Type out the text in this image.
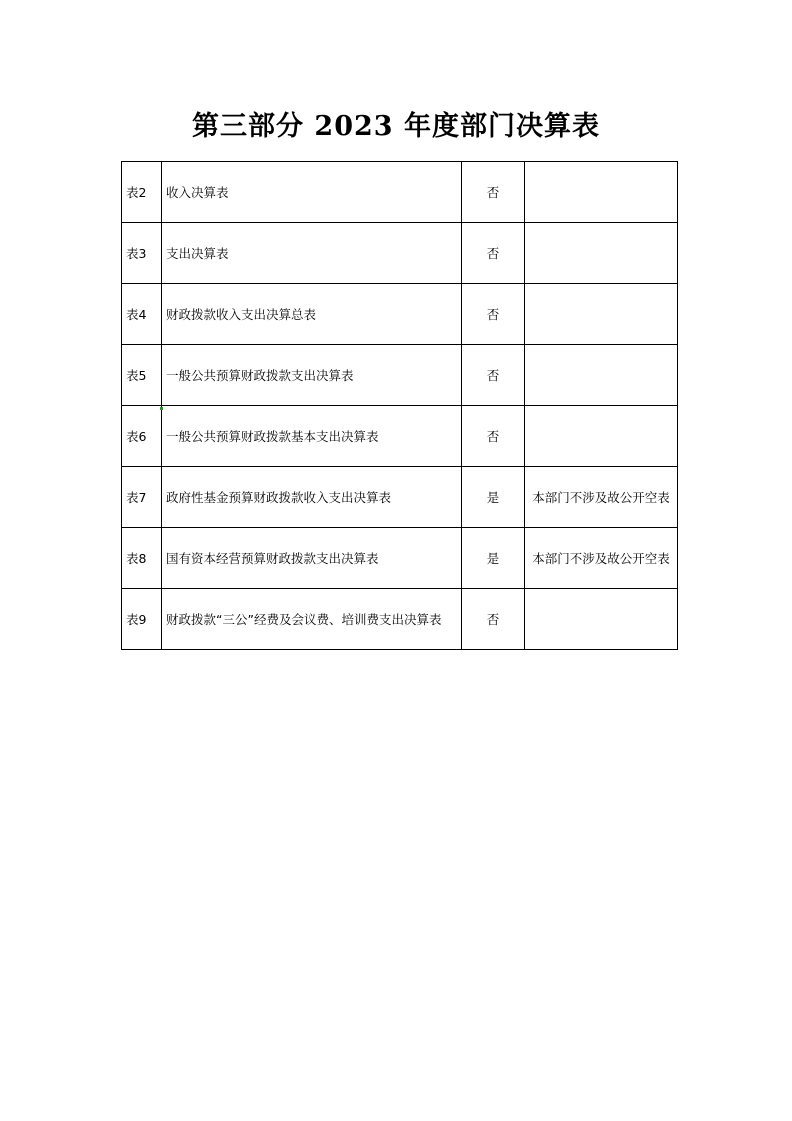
第三部分 2023 年度部门决算表
表2	收入决算表	否	
表3	支出决算表	否	
表4	财政拨款收入支出决算总表	否	
表5	一般公共预算财政拨款支出决算表	否	
表6	一般公共预算财政拨款基本支出决算表	否	
表7	政府性基金预算财政拨款收入支出决算表	是	本部门不涉及故公开空表
表8	国有资本经营预算财政拨款支出决算表	是	本部门不涉及故公开空表
表9	财政拨款“三公”经费及会议费、培训费支出决算表	否	
